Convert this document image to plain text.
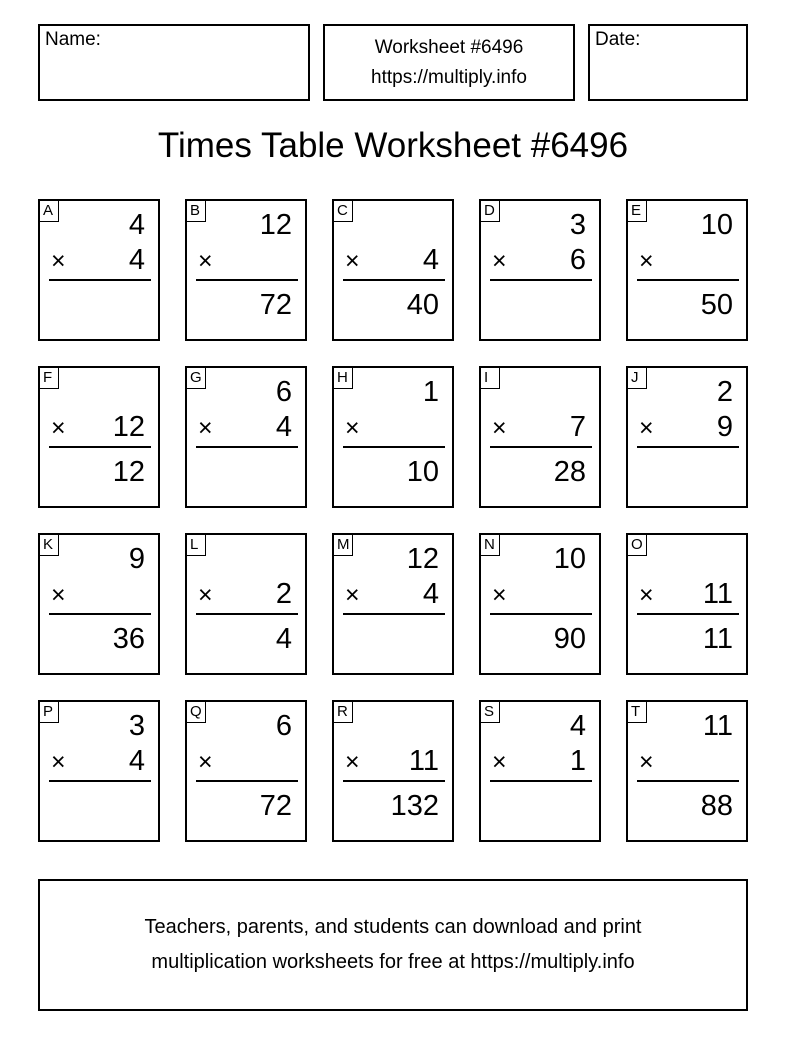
Name:	Worksheet #6496
https://multiply.info
Date:
Times Table Worksheet #6496
A	4
× 4
B 12
×
72
C
× 4
40
D	3
× 6
E 10
×
50
F
× 12
12
G	6
× 4
H	1
×
10
I
× 7
28
J	2
× 9
K	9
×
36
L
× 2
4
M 12
× 4
N 10
×
90
O
× 11
11
P	3
× 4
Q	6
×
72
R
× 11
132
S	4
× 1
T 11
×
88
Teachers, parents, and students can download and print
multiplication worksheets for free at https://multiply.info
